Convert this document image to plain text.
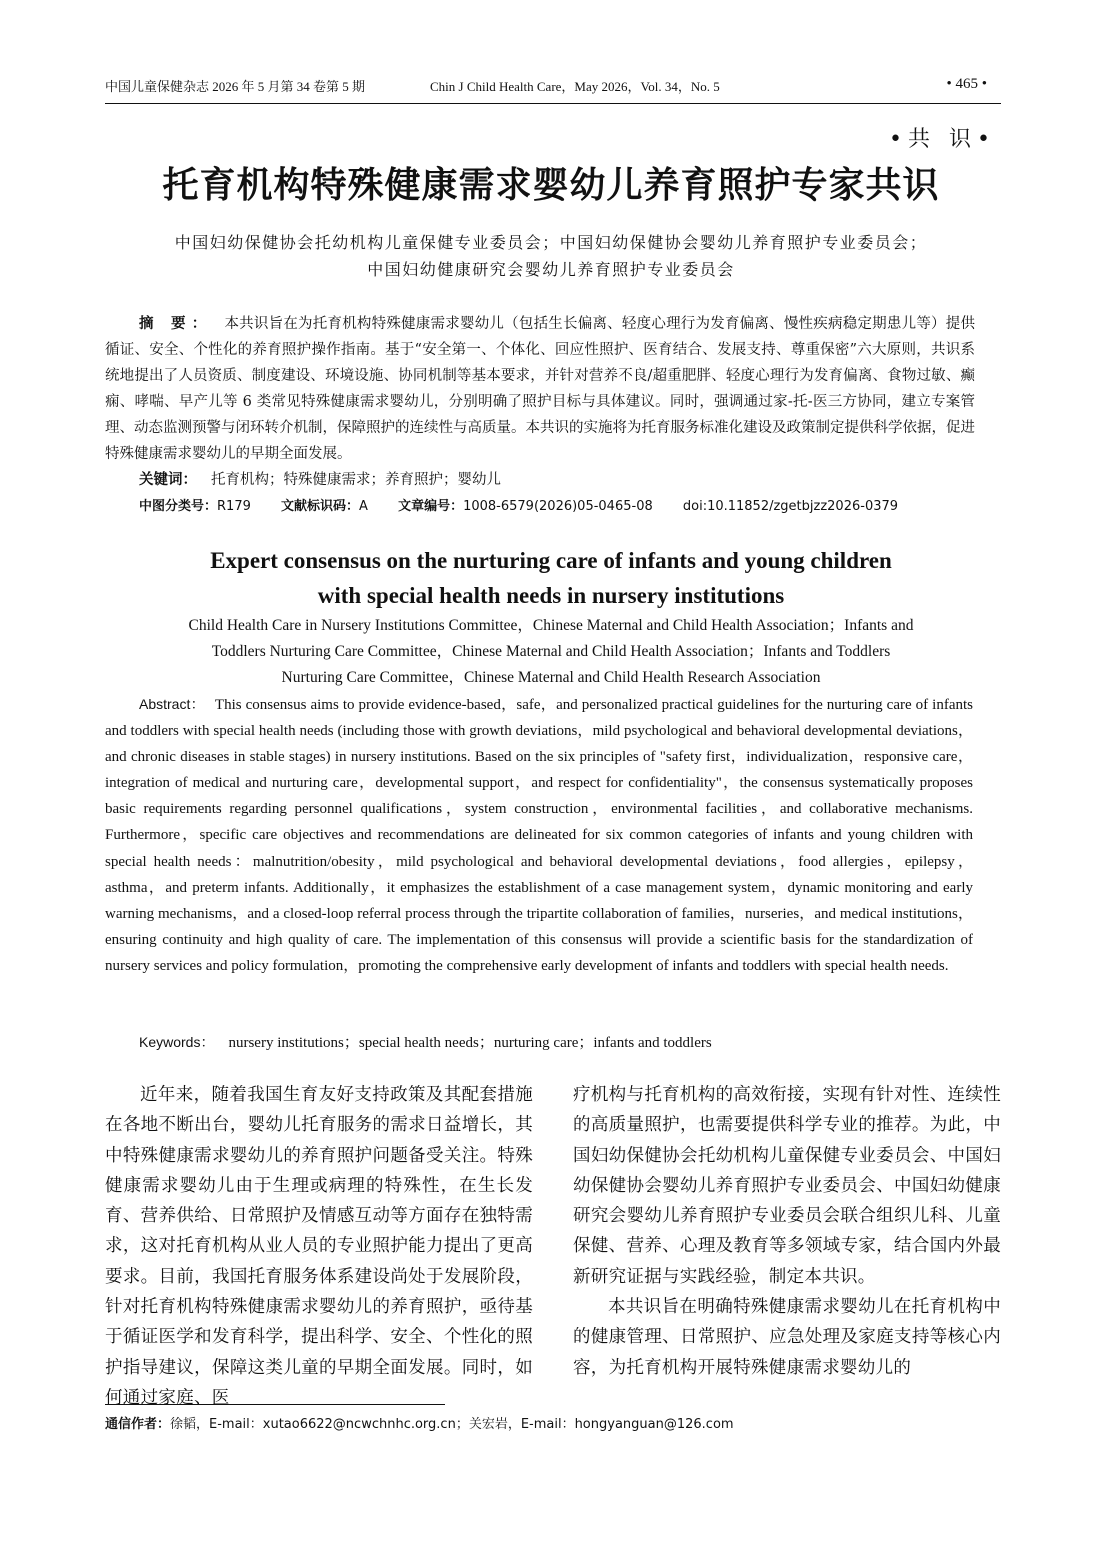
中国儿童保健杂志 2026 年 5 月第 34 卷第 5 期	Chin J Child Health Care，May 2026，Vol. 34，No. 5	• 465 •
•共 识•
托育机构特殊健康需求婴幼儿养育照护专家共识
中国妇幼保健协会托幼机构儿童保健专业委员会；中国妇幼保健协会婴幼儿养育照护专业委员会；
中国妇幼健康研究会婴幼儿养育照护专业委员会
摘 要： 本共识旨在为托育机构特殊健康需求婴幼儿（包括生长偏离、轻度心理行为发育偏离、慢性疾病稳定期患儿等）提供循证、安全、个性化的养育照护操作指南。基于“安全第一、个体化、回应性照护、医育结合、发展支持、尊重保密”六大原则，共识系统地提出了人员资质、制度建设、环境设施、协同机制等基本要求，并针对营养不良/超重肥胖、轻度心理行为发育偏离、食物过敏、癫痫、哮喘、早产儿等 6 类常见特殊健康需求婴幼儿，分别明确了照护目标与具体建议。同时，强调通过家-托-医三方协同，建立专案管理、动态监测预警与闭环转介机制，保障照护的连续性与高质量。本共识的实施将为托育服务标准化建设及政策制定提供科学依据，促进特殊健康需求婴幼儿的早期全面发展。
关键词： 托育机构；特殊健康需求；养育照护；婴幼儿
中图分类号：R179 文献标识码：A 文章编号：1008-6579(2026)05-0465-08 doi:10.11852/zgetbjzz2026-0379
Expert consensus on the nurturing care of infants and young children
with special health needs in nursery institutions
Child Health Care in Nursery Institutions Committee，Chinese Maternal and Child Health Association；Infants and
Toddlers Nurturing Care Committee，Chinese Maternal and Child Health Association；Infants and Toddlers
Nurturing Care Committee，Chinese Maternal and Child Health Research Association
Abstract： This consensus aims to provide evidence-based，safe，and personalized practical guidelines for the nurturing care of infants and toddlers with special health needs (including those with growth deviations，mild psychological and behavioral developmental deviations，and chronic diseases in stable stages) in nursery institutions. Based on the six principles of "safety first，individualization，responsive care，integration of medical and nurturing care，developmental support，and respect for confidentiality"，the consensus systematically proposes basic requirements regarding personnel qualifications，system construction，environmental facilities，and collaborative mechanisms. Furthermore，specific care objectives and recommendations are delineated for six common categories of infants and young children with special health needs：malnutrition/obesity，mild psychological and behavioral developmental deviations，food allergies，epilepsy，asthma，and preterm infants. Additionally，it emphasizes the establishment of a case management system，dynamic monitoring and early warning mechanisms，and a closed-loop referral process through the tripartite collaboration of families，nurseries，and medical institutions，ensuring continuity and high quality of care. The implementation of this consensus will provide a scientific basis for the standardization of nursery services and policy formulation，promoting the comprehensive early development of infants and toddlers with special health needs.
Keywords： nursery institutions；special health needs；nurturing care；infants and toddlers

近年来，随着我国生育友好支持政策及其配套措施在各地不断出台，婴幼儿托育服务的需求日益增长，其中特殊健康需求婴幼儿的养育照护问题备受关注。特殊健康需求婴幼儿由于生理或病理的特殊性，在生长发育、营养供给、日常照护及情感互动等方面存在独特需求，这对托育机构从业人员的专业照护能力提出了更高要求。目前，我国托育服务体系建设尚处于发展阶段，针对托育机构特殊健康需求婴幼儿的养育照护，亟待基于循证医学和发育科学，提出科学、安全、个性化的照护指导建议，保障这类儿童的早期全面发展。同时，如何通过家庭、医

疗机构与托育机构的高效衔接，实现有针对性、连续性的高质量照护，也需要提供科学专业的推荐。为此，中国妇幼保健协会托幼机构儿童保健专业委员会、中国妇幼保健协会婴幼儿养育照护专业委员会、中国妇幼健康研究会婴幼儿养育照护专业委员会联合组织儿科、儿童保健、营养、心理及教育等多领域专家，结合国内外最新研究证据与实践经验，制定本共识。

本共识旨在明确特殊健康需求婴幼儿在托育机构中的健康管理、日常照护、应急处理及家庭支持等核心内容，为托育机构开展特殊健康需求婴幼儿的

通信作者：徐韬，E-mail：xutao6622@ncwchnhc.org.cn；关宏岩，E-mail：hongyanguan@126.com
